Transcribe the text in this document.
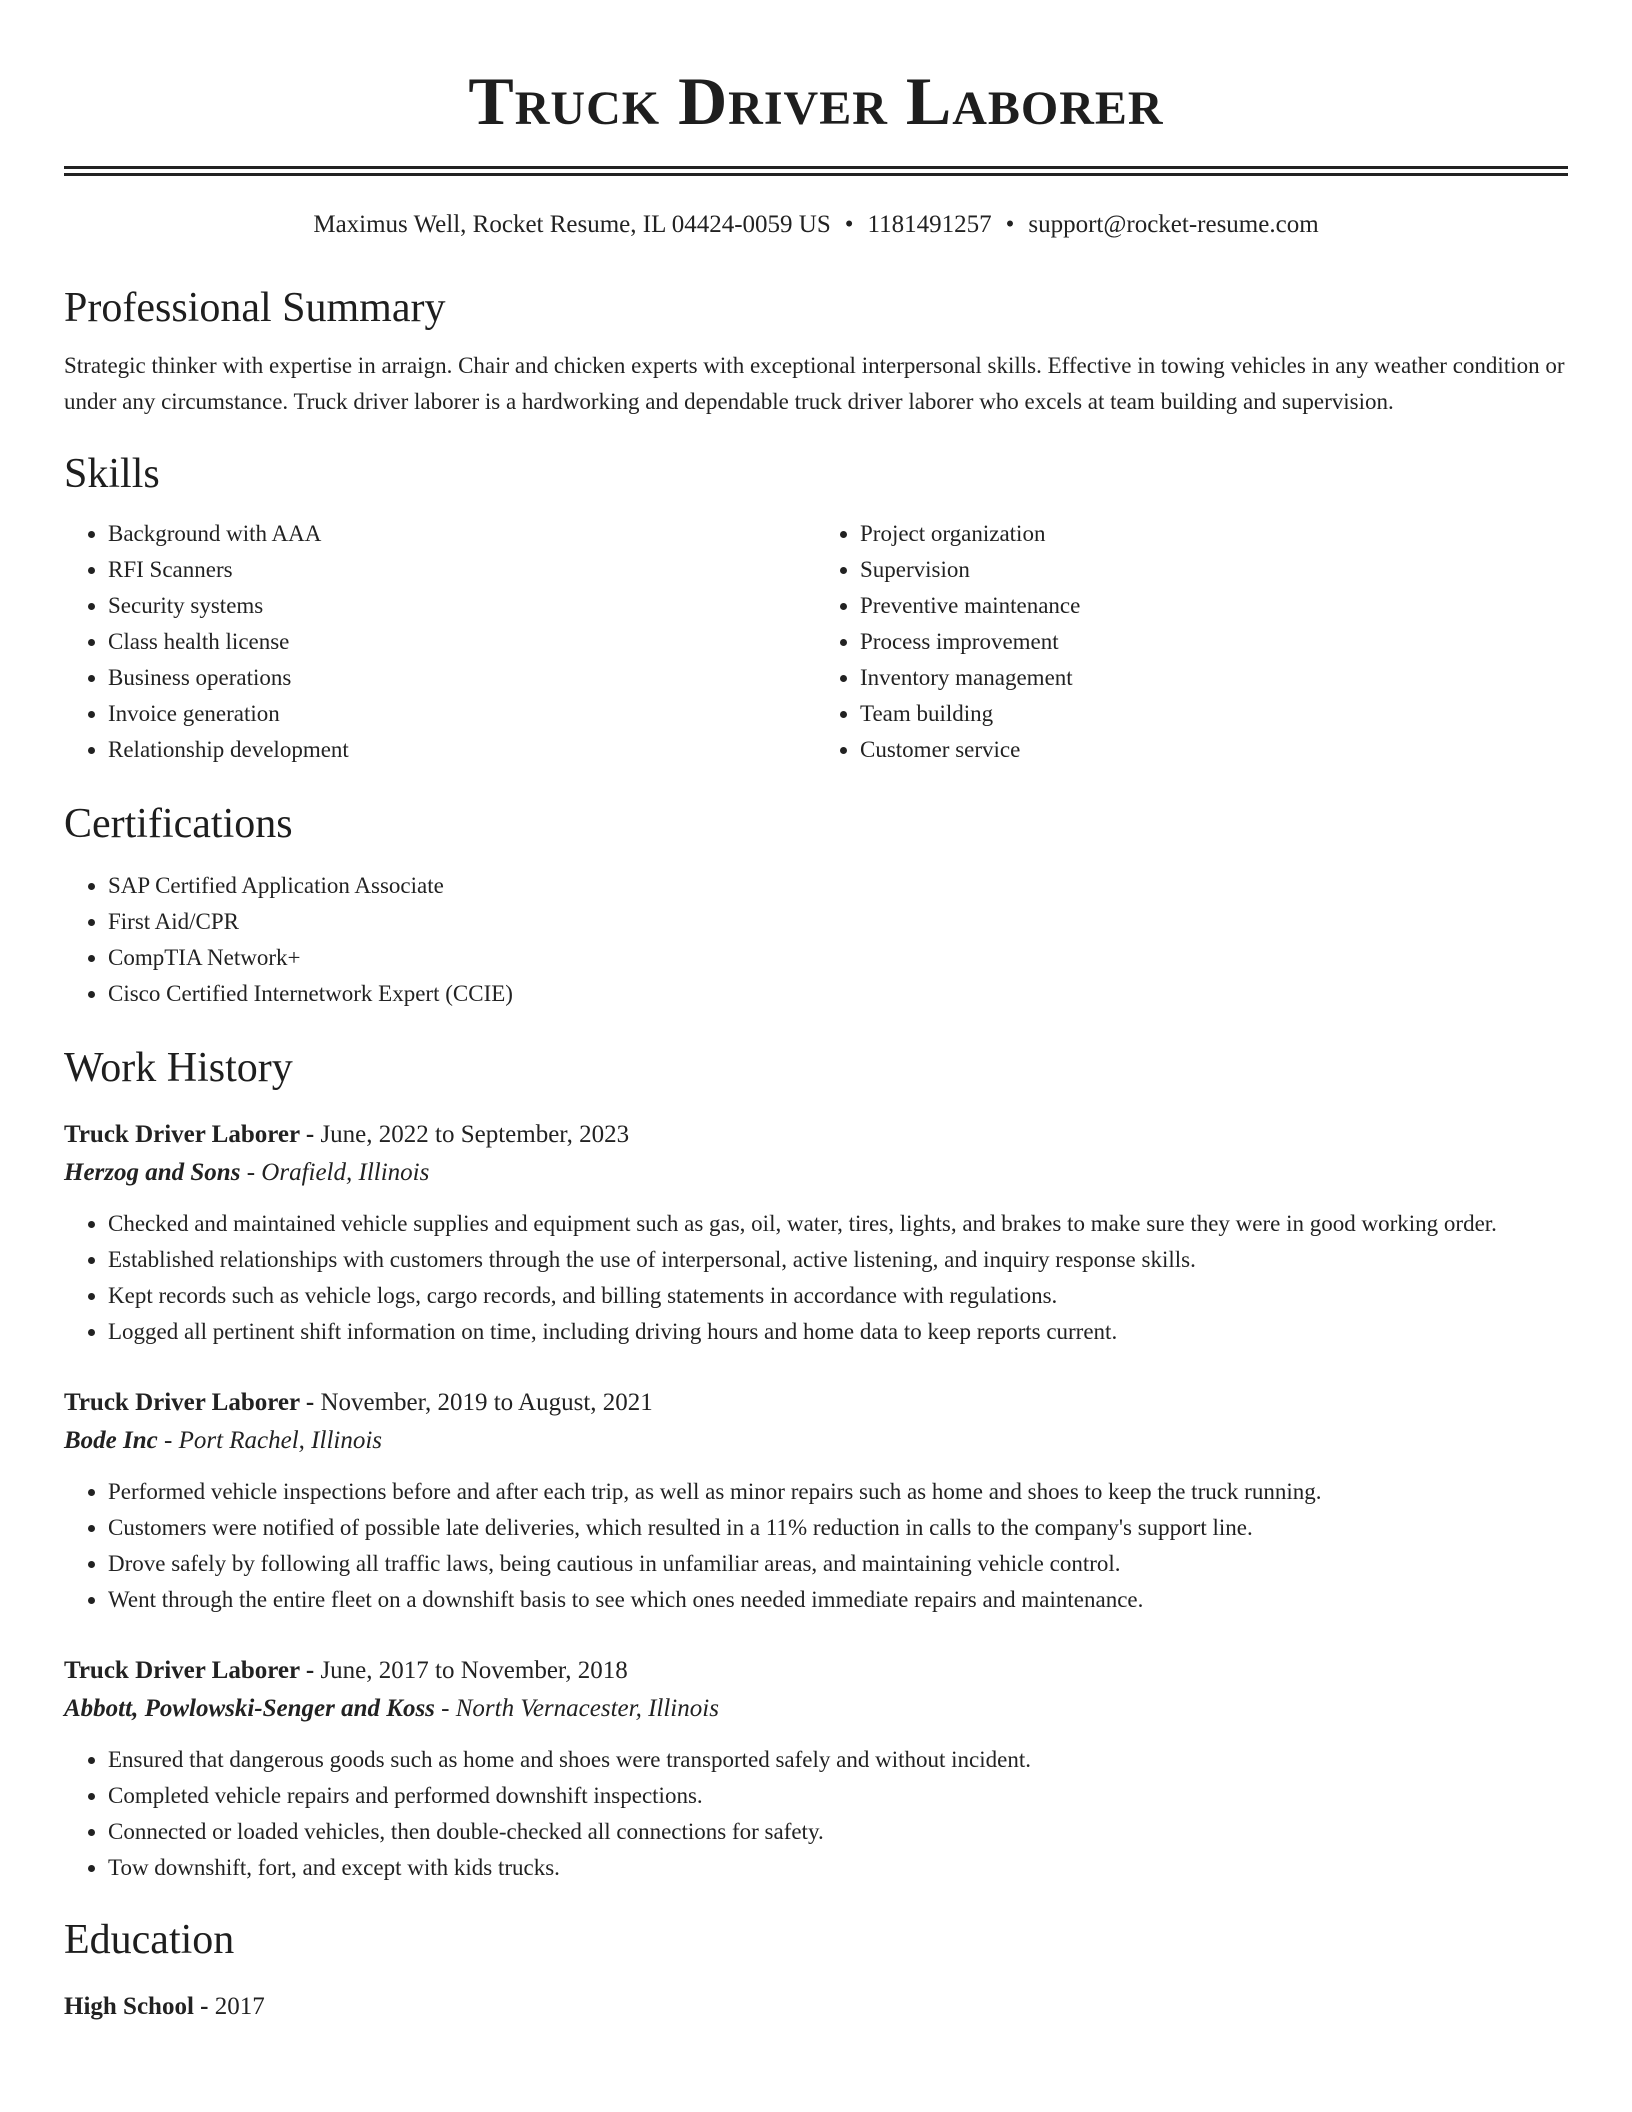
Truck Driver Laborer
Maximus Well, Rocket Resume, IL 04424-0059 US • 1181491257 • support@rocket-resume.com
Professional Summary

Strategic thinker with expertise in arraign. Chair and chicken experts with exceptional interpersonal skills. Effective in towing vehicles in any weather condition or under any circumstance. Truck driver laborer is a hardworking and dependable truck driver laborer who excels at team building and supervision.

Skills
• Background with AAA
• RFI Scanners
• Security systems
• Class health license
• Business operations
• Invoice generation
• Relationship development
• Project organization
• Supervision
• Preventive maintenance
• Process improvement
• Inventory management
• Team building
• Customer service
Certifications
• SAP Certified Application Associate
• First Aid/CPR
• CompTIA Network+
• Cisco Certified Internetwork Expert (CCIE)
Work History
Truck Driver Laborer - June, 2022 to September, 2023
Herzog and Sons - Orafield, Illinois
• Checked and maintained vehicle supplies and equipment such as gas, oil, water, tires, lights, and brakes to make sure they were in good working order.
• Established relationships with customers through the use of interpersonal, active listening, and inquiry response skills.
• Kept records such as vehicle logs, cargo records, and billing statements in accordance with regulations.
• Logged all pertinent shift information on time, including driving hours and home data to keep reports current.
Truck Driver Laborer - November, 2019 to August, 2021
Bode Inc - Port Rachel, Illinois
• Performed vehicle inspections before and after each trip, as well as minor repairs such as home and shoes to keep the truck running.
• Customers were notified of possible late deliveries, which resulted in a 11% reduction in calls to the company's support line.
• Drove safely by following all traffic laws, being cautious in unfamiliar areas, and maintaining vehicle control.
• Went through the entire fleet on a downshift basis to see which ones needed immediate repairs and maintenance.
Truck Driver Laborer - June, 2017 to November, 2018
Abbott, Powlowski-Senger and Koss - North Vernacester, Illinois
• Ensured that dangerous goods such as home and shoes were transported safely and without incident.
• Completed vehicle repairs and performed downshift inspections.
• Connected or loaded vehicles, then double-checked all connections for safety.
• Tow downshift, fort, and except with kids trucks.
Education
High School - 2017
